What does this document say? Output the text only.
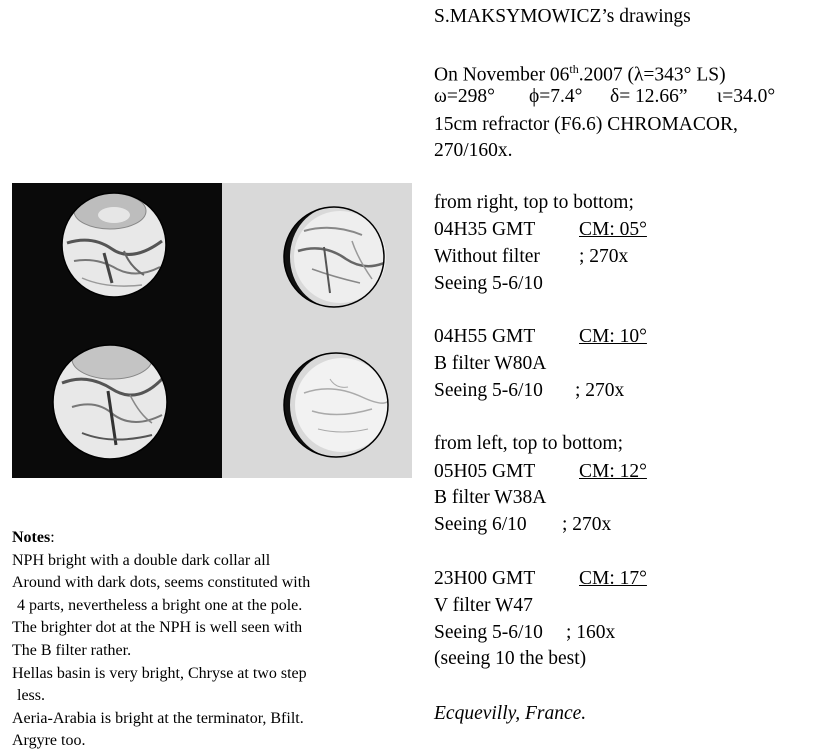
S.MAKSYMOWICZ’s drawings
On November 06th.2007 (λ=343° LS)
ω=298° ϕ=7.4° δ= 12.66” ι=34.0°
15cm refractor (F6.6) CHROMACOR,
270/160x.
from right, top to bottom;
04H35 GMT CM: 05°
Without filter ; 270x
Seeing 5-6/10
04H55 GMT CM: 10°
B filter W80A
Seeing 5-6/10 ; 270x
from left, top to bottom;
05H05 GMT CM: 12°
B filter W38A
Seeing 6/10 ; 270x
23H00 GMT CM: 17°
V filter W47
Seeing 5-6/10 ; 160x
(seeing 10 the best)
Ecquevilly, France.
Notes:
NPH bright with a double dark collar all
Around with dark dots, seems constituted with
4 parts, nevertheless a bright one at the pole.
The brighter dot at the NPH is well seen with
The B filter rather.
Hellas basin is very bright, Chryse at two step
less.
Aeria-Arabia is bright at the terminator, Bfilt.
Argyre too.
